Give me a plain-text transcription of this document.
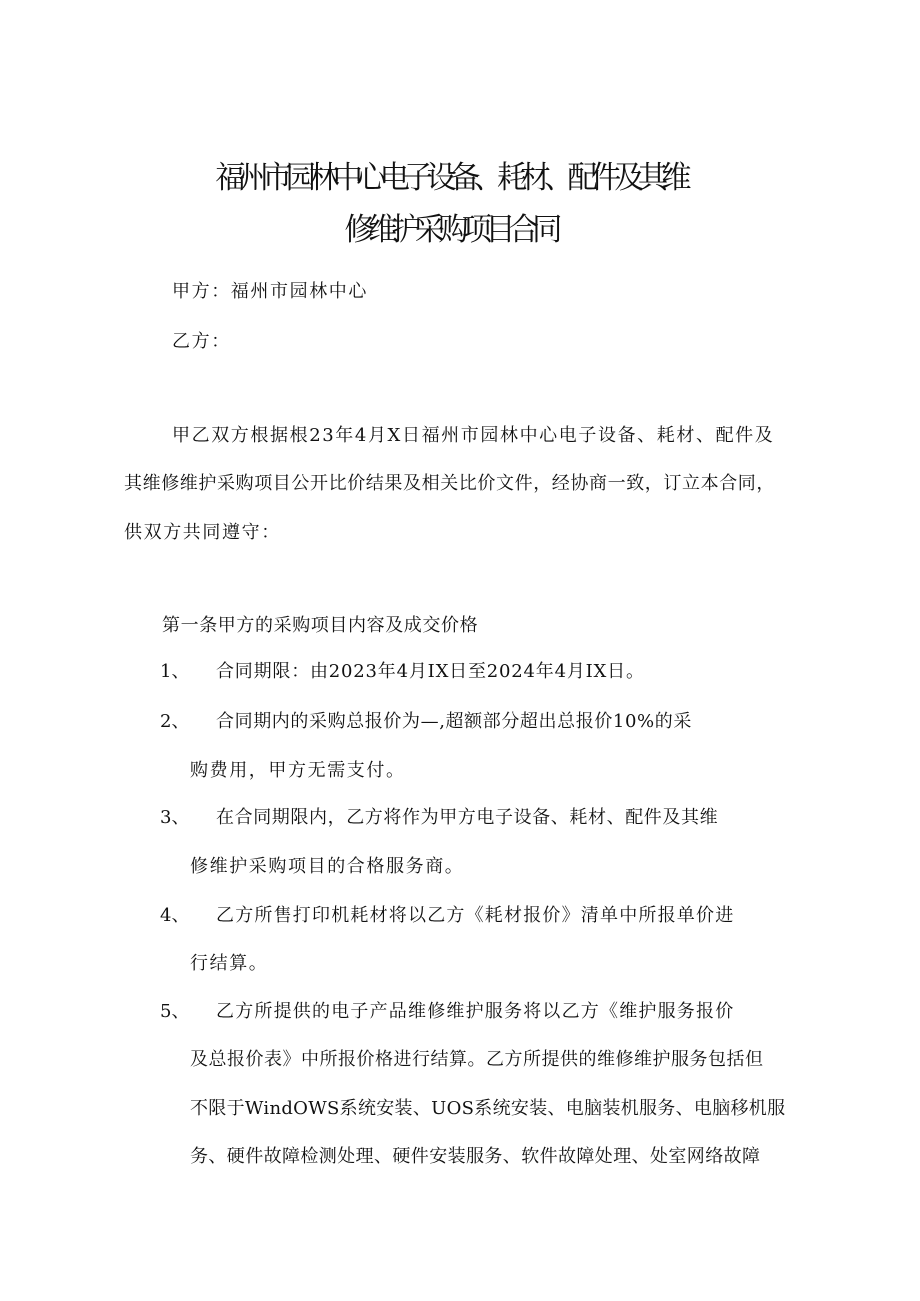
福州市园林中心电子设备、耗材、配件及其维
修维护采购项目合同
甲方：福州市园林中心
乙方：
甲乙双方根据根23年4月X日福州市园林中心电子设备、耗材、配件及
其维修维护采购项目公开比价结果及相关比价文件，经协商一致，订立本合同，
供双方共同遵守：
第一条甲方的采购项目内容及成交价格
1、 合同期限：由2023年4月IX日至2024年4月IX日。
2、 合同期内的采购总报价为—,超额部分超出总报价10%的采
购费用，甲方无需支付。
3、 在合同期限内，乙方将作为甲方电子设备、耗材、配件及其维
修维护采购项目的合格服务商。
4、 乙方所售打印机耗材将以乙方《耗材报价》清单中所报单价进
行结算。
5、 乙方所提供的电子产品维修维护服务将以乙方《维护服务报价
及总报价表》中所报价格进行结算。乙方所提供的维修维护服务包括但
不限于WindOWS系统安装、UOS系统安装、电脑装机服务、电脑移机服
务、硬件故障检测处理、硬件安装服务、软件故障处理、处室网络故障
